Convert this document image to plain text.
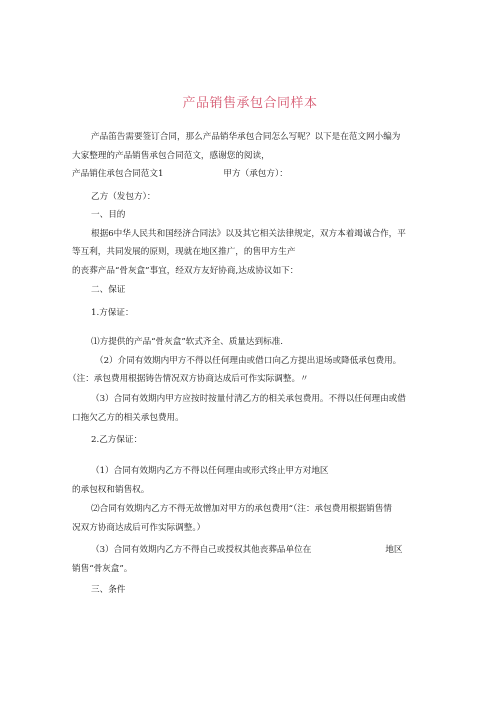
产品销售承包合同样本
产品笛告需要签订合同，那么产品销华承包合同怎么写呢？以下是在范文网小编为
大家整理的产品销售承包合同范文，感谢您的阅读，
产品销住承包合同范文1	甲方（承包方）：
乙方（发包方）：
一、目的
根据6中华人民共和国经济合同法》以及其它相关法律规定，双方本着竭诚合作，平
等互利，共同发展的原则，现就在地区推广，的售甲方生产
的丧葬产品“骨灰盒”事宜，经双方友好协商,达成协议如下：
二、保证
1.方保证：
⑴方提供的产品“骨灰盒”软式齐全、质量达到标准.
（2）介同有效期内甲方不得以任何理由或借口向乙方提出退场或降低承包费用。
（注：承包费用根据铸告情况双方协商达成后可作实际调整。〃
（3）合同有效期内甲方应按时按量付清乙方的相关承包费用。不得以任何理由或借
口拖欠乙方的相关承包费用。
2.乙方保证：
（1）合同有效期内乙方不得以任何理由或形式终止甲方对地区
的承包权和销售权。
⑵合同有效期内乙方不得无故憎加对甲方的承包费用“（注：承包费用根据销售情
况双方协商达成后可作实际调整。）
（3）合同有效期内乙方不得自己或授权其他丧葬品单位在	地区
销售“骨灰盒”。
三、条件
